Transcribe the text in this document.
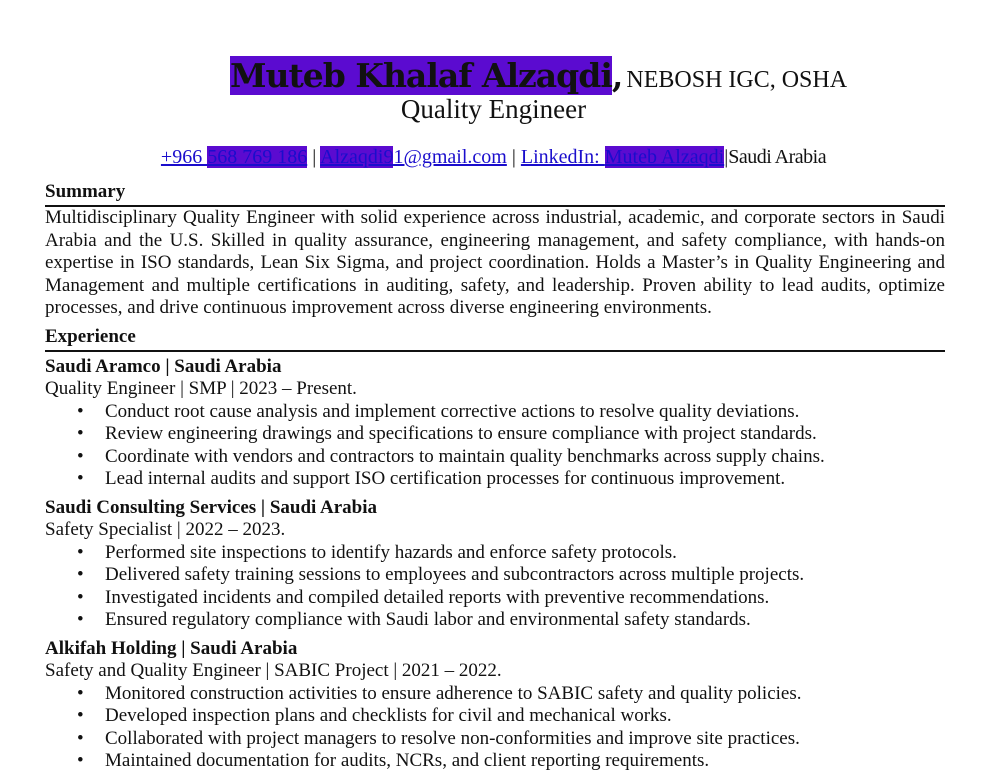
Muteb Khalaf Alzaqdi, NEBOSH IGC, OSHA
Quality Engineer
+966 568 769 186 | Alzaqdi91@gmail.com | LinkedIn: Muteb Alzaqdi|Saudi Arabia
Summary

Multidisciplinary Quality Engineer with solid experience across industrial, academic, and corporate sectors in Saudi Arabia and the U.S. Skilled in quality assurance, engineering management, and safety compliance, with hands-on expertise in ISO standards, Lean Six Sigma, and project coordination. Holds a Master’s in Quality Engineering and Management and multiple certifications in auditing, safety, and leadership. Proven ability to lead audits, optimize processes, and drive continuous improvement across diverse engineering environments.

Experience
Saudi Aramco | Saudi Arabia
Quality Engineer | SMP | 2023 – Present.
• Conduct root cause analysis and implement corrective actions to resolve quality deviations.
• Review engineering drawings and specifications to ensure compliance with project standards.
• Coordinate with vendors and contractors to maintain quality benchmarks across supply chains.
• Lead internal audits and support ISO certification processes for continuous improvement.
Saudi Consulting Services | Saudi Arabia
Safety Specialist | 2022 – 2023.
• Performed site inspections to identify hazards and enforce safety protocols.
• Delivered safety training sessions to employees and subcontractors across multiple projects.
• Investigated incidents and compiled detailed reports with preventive recommendations.
• Ensured regulatory compliance with Saudi labor and environmental safety standards.
Alkifah Holding | Saudi Arabia
Safety and Quality Engineer | SABIC Project | 2021 – 2022.
• Monitored construction activities to ensure adherence to SABIC safety and quality policies.
• Developed inspection plans and checklists for civil and mechanical works.
• Collaborated with project managers to resolve non-conformities and improve site practices.
• Maintained documentation for audits, NCRs, and client reporting requirements.
